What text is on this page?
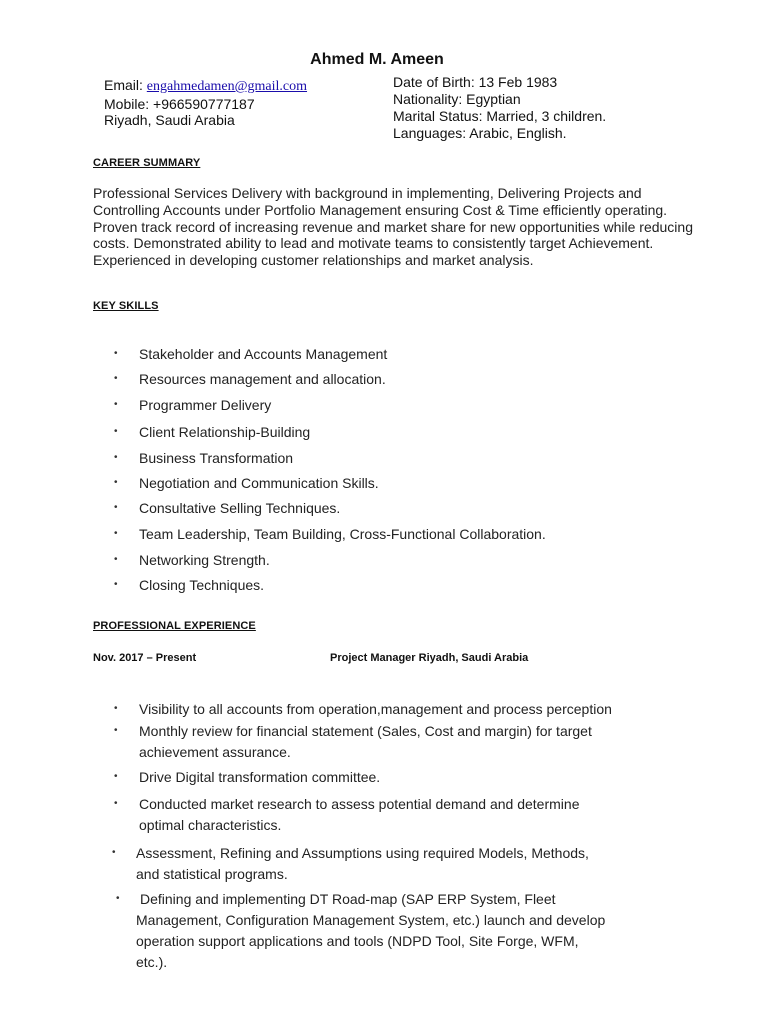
Ahmed M. Ameen
Email: engahmedamen@gmail.com
Mobile: +966590777187
Riyadh, Saudi Arabia
Date of Birth: 13 Feb 1983
Nationality: Egyptian
Marital Status: Married, 3 children.
Languages: Arabic, English.
CAREER SUMMARY
Professional Services Delivery with background in implementing, Delivering Projects and Controlling Accounts under Portfolio Management ensuring Cost & Time efficiently operating. Proven track record of increasing revenue and market share for new opportunities while reducing costs. Demonstrated ability to lead and motivate teams to consistently target Achievement. Experienced in developing customer relationships and market analysis.
KEY SKILLS
• Stakeholder and Accounts Management
• Resources management and allocation.
• Programmer Delivery
• Client Relationship-Building
• Business Transformation
• Negotiation and Communication Skills.
• Consultative Selling Techniques.
• Team Leadership, Team Building, Cross-Functional Collaboration.
• Networking Strength.
• Closing Techniques.
PROFESSIONAL EXPERIENCE
Nov. 2017 – Present	Project Manager Riyadh, Saudi Arabia
• Visibility to all accounts from operation,management and process perception
• Monthly review for financial statement (Sales, Cost and margin) for target
achievement assurance.
• Drive Digital transformation committee.
• Conducted market research to assess potential demand and determine
optimal characteristics.
• Assessment, Refining and Assumptions using required Models, Methods,
and statistical programs.
• Defining and implementing DT Road-map (SAP ERP System, Fleet
Management, Configuration Management System, etc.) launch and develop
operation support applications and tools (NDPD Tool, Site Forge, WFM,
etc.).
